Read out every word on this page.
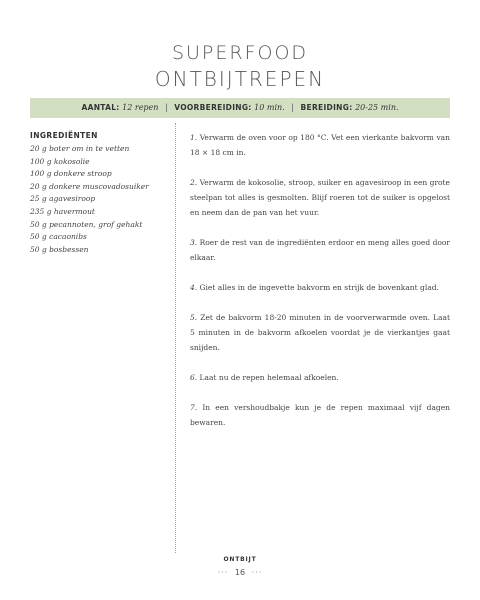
SUPERFOOD
ONTBIJTREPEN
AANTAL: 12 repen | VOORBEREIDING: 10 min. | BEREIDING: 20-25 min.
INGREDIËNTEN
20 g boter om in te vetten
100 g kokosolie
100 g donkere stroop
20 g donkere muscovadosuiker
25 g agavesiroop
235 g havermout
50 g pecannoten, grof gehakt
50 g cacaonibs
50 g bosbessen
1. Verwarm de oven voor op 180 °C. Vet een vierkante bakvorm van 18 × 18 cm in.
2. Verwarm de kokosolie, stroop, suiker en agavesiroop in een grote steelpan tot alles is gesmolten. Blijf roeren tot de suiker is opgelost en neem dan de pan van het vuur.
3. Roer de rest van de ingrediënten erdoor en meng alles goed door elkaar.
4. Giet alles in de ingevette bakvorm en strijk de bovenkant glad.
5. Zet de bakvorm 18-20 minuten in de voorverwarmde oven. Laat 5 minuten in de bakvorm afkoelen voordat je de vierkantjes gaat snijden.
6. Laat nu de repen helemaal afkoelen.
7. In een vershoudbakje kun je de repen maximaal vijf dagen bewaren.
ONTBIJT
··· 16 ···
